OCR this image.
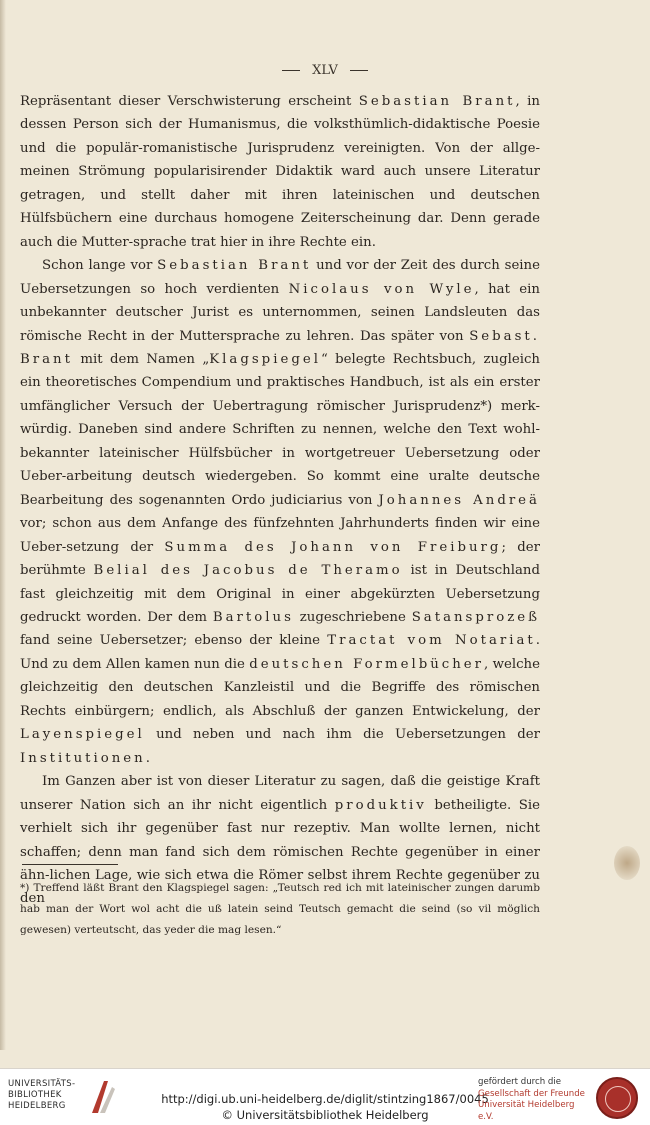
XLV

Repräsentant dieser Verschwisterung erscheint Sebastian Brant, in dessen Person sich der Humanismus, die volksthümlich-didaktische Poesie und die populär-romanistische Jurisprudenz vereinigten. Von der allge-meinen Strömung popularisirender Didaktik ward auch unsere Literatur getragen, und stellt daher mit ihren lateinischen und deutschen Hülfsbüchern eine durchaus homogene Zeiterscheinung dar. Denn gerade auch die Mutter-sprache trat hier in ihre Rechte ein.

Schon lange vor Sebastian Brant und vor der Zeit des durch seine Uebersetzungen so hoch verdienten Nicolaus von Wyle, hat ein unbekannter deutscher Jurist es unternommen, seinen Landsleuten das römische Recht in der Muttersprache zu lehren. Das später von Sebast. Brant mit dem Namen „Klagspiegel“ belegte Rechtsbuch, zugleich ein theoretisches Compendium und praktisches Handbuch, ist als ein erster umfänglicher Versuch der Uebertragung römischer Jurisprudenz*) merk-würdig. Daneben sind andere Schriften zu nennen, welche den Text wohl-bekannter lateinischer Hülfsbücher in wortgetreuer Uebersetzung oder Ueber-arbeitung deutsch wiedergeben. So kommt eine uralte deutsche Bearbeitung des sogenannten Ordo judiciarius von Johannes Andreä vor; schon aus dem Anfange des fünfzehnten Jahrhunderts finden wir eine Ueber-setzung der Summa des Johann von Freiburg; der berühmte Belial des Jacobus de Theramo ist in Deutschland fast gleichzeitig mit dem Original in einer abgekürzten Uebersetzung gedruckt worden. Der dem Bartolus zugeschriebene Satansprozeß fand seine Uebersetzer; ebenso der kleine Tractat vom Notariat. Und zu dem Allen kamen nun die deutschen Formelbücher, welche gleichzeitig den deutschen Kanzleistil und die Begriffe des römischen Rechts einbürgern; endlich, als Abschluß der ganzen Entwickelung, der Layenspiegel und neben und nach ihm die Uebersetzungen der Institutionen.

Im Ganzen aber ist von dieser Literatur zu sagen, daß die geistige Kraft unserer Nation sich an ihr nicht eigentlich produktiv betheiligte. Sie verhielt sich ihr gegenüber fast nur rezeptiv. Man wollte lernen, nicht schaffen; denn man fand sich dem römischen Rechte gegenüber in einer ähn-lichen Lage, wie sich etwa die Römer selbst ihrem Rechte gegenüber zu den

*) Treffend läßt Brant den Klagspiegel sagen: „Teutsch red ich mit lateinischer zungen darumb hab man der Wort wol acht die uß latein seind Teutsch gemacht die seind (so vil möglich gewesen) verteutscht, das yeder die mag lesen.“
UNIVERSITÄTS-
BIBLIOTHEK
HEIDELBERG	http://digi.ub.uni-heidelberg.de/diglit/stintzing1867/0045
© Universitätsbibliothek Heidelberg
gefördert durch die
Gesellschaft der Freunde
Universität Heidelberg e.V.
